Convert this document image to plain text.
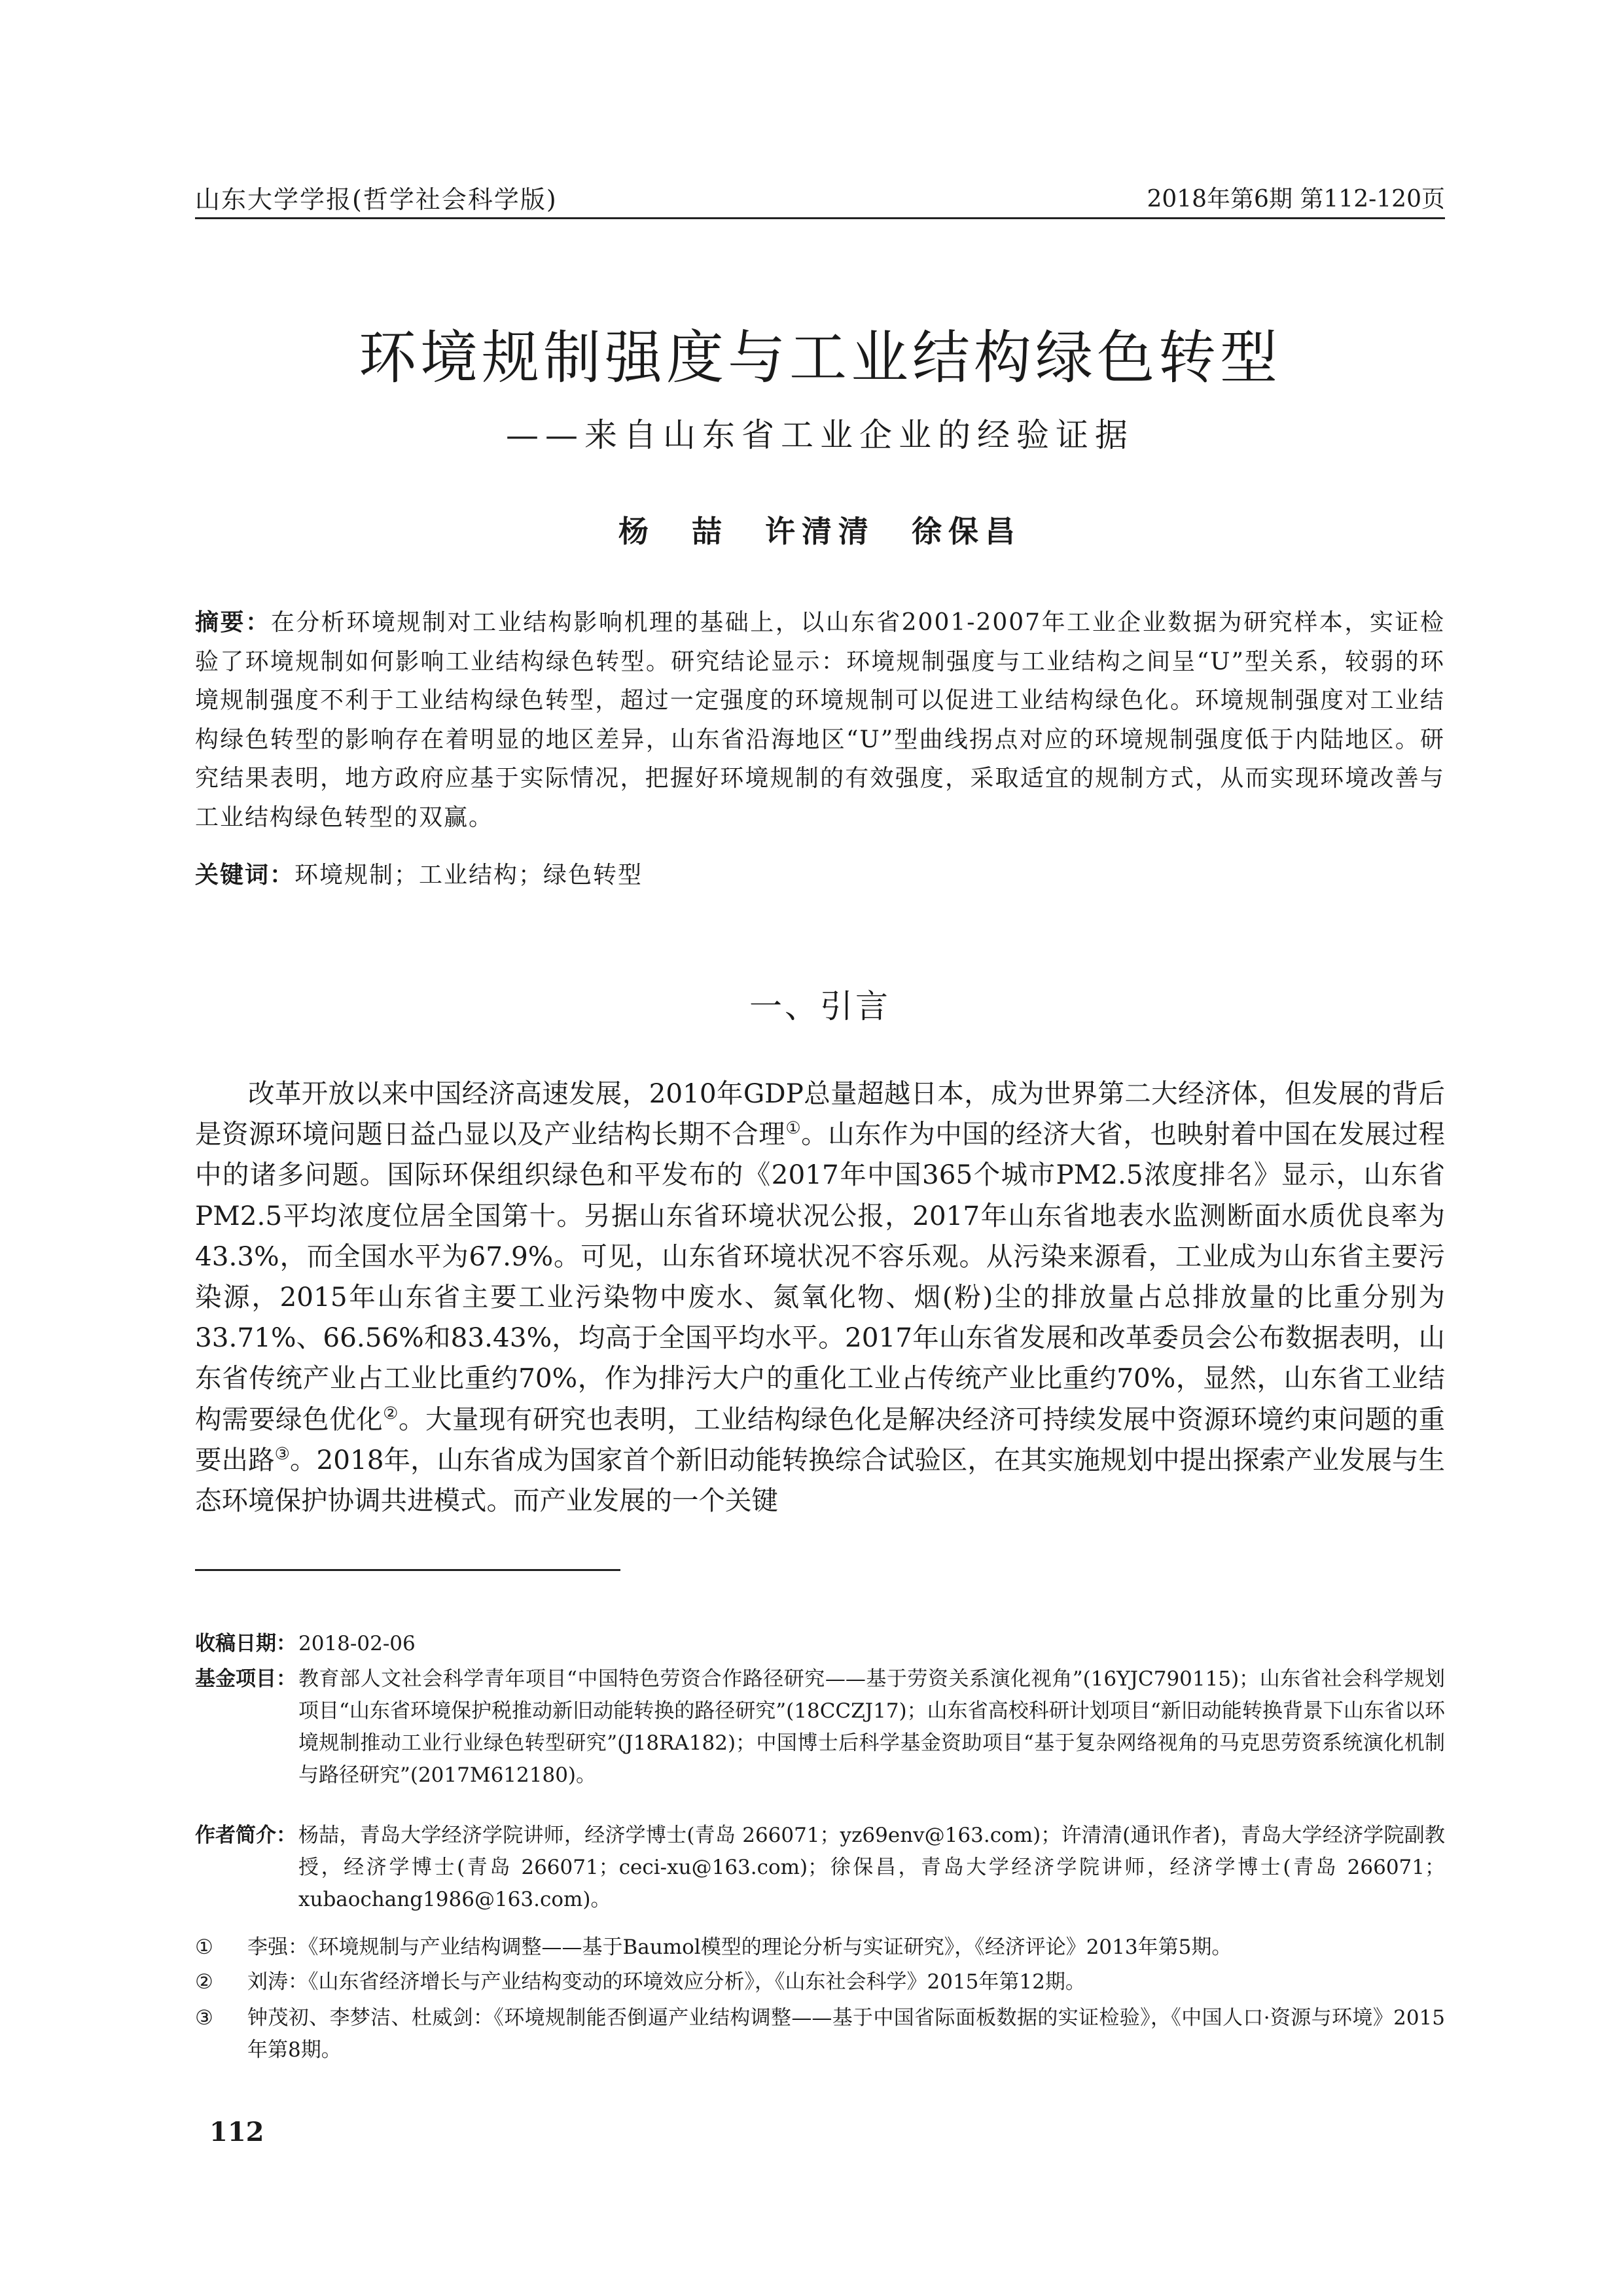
山东大学学报(哲学社会科学版)	2018年第6期 第112-120页
环境规制强度与工业结构绿色转型
——来自山东省工业企业的经验证据
杨　喆　许清清　徐保昌
摘要：在分析环境规制对工业结构影响机理的基础上，以山东省2001-2007年工业企业数据为研究样本，实证检验了环境规制如何影响工业结构绿色转型。研究结论显示：环境规制强度与工业结构之间呈“U”型关系，较弱的环境规制强度不利于工业结构绿色转型，超过一定强度的环境规制可以促进工业结构绿色化。环境规制强度对工业结构绿色转型的影响存在着明显的地区差异，山东省沿海地区“U”型曲线拐点对应的环境规制强度低于内陆地区。研究结果表明，地方政府应基于实际情况，把握好环境规制的有效强度，采取适宜的规制方式，从而实现环境改善与工业结构绿色转型的双赢。
关键词：环境规制；工业结构；绿色转型
一、引言

改革开放以来中国经济高速发展，2010年GDP总量超越日本，成为世界第二大经济体，但发展的背后是资源环境问题日益凸显以及产业结构长期不合理①。山东作为中国的经济大省，也映射着中国在发展过程中的诸多问题。国际环保组织绿色和平发布的《2017年中国365个城市PM2.5浓度排名》显示，山东省PM2.5平均浓度位居全国第十。另据山东省环境状况公报，2017年山东省地表水监测断面水质优良率为43.3%，而全国水平为67.9%。可见，山东省环境状况不容乐观。从污染来源看，工业成为山东省主要污染源，2015年山东省主要工业污染物中废水、氮氧化物、烟(粉)尘的排放量占总排放量的比重分别为33.71%、66.56%和83.43%，均高于全国平均水平。2017年山东省发展和改革委员会公布数据表明，山东省传统产业占工业比重约70%，作为排污大户的重化工业占传统产业比重约70%，显然，山东省工业结构需要绿色优化②。大量现有研究也表明，工业结构绿色化是解决经济可持续发展中资源环境约束问题的重要出路③。2018年，山东省成为国家首个新旧动能转换综合试验区，在其实施规划中提出探索产业发展与生态环境保护协调共进模式。而产业发展的一个关键

收稿日期： 2018-02-06
基金项目： 教育部人文社会科学青年项目“中国特色劳资合作路径研究——基于劳资关系演化视角”(16YJC790115)；山东省社会科学规划项目“山东省环境保护税推动新旧动能转换的路径研究”(18CCZJ17)；山东省高校科研计划项目“新旧动能转换背景下山东省以环境规制推动工业行业绿色转型研究”(J18RA182)；中国博士后科学基金资助项目“基于复杂网络视角的马克思劳资系统演化机制与路径研究”(2017M612180)。
作者简介： 杨喆，青岛大学经济学院讲师，经济学博士(青岛 266071；yz69env@163.com)；许清清(通讯作者)，青岛大学经济学院副教授，经济学博士(青岛 266071；ceci-xu@163.com)；徐保昌，青岛大学经济学院讲师，经济学博士(青岛 266071；xubaochang1986@163.com)。
① 李强：《环境规制与产业结构调整——基于Baumol模型的理论分析与实证研究》，《经济评论》2013年第5期。
② 刘涛：《山东省经济增长与产业结构变动的环境效应分析》，《山东社会科学》2015年第12期。
③ 钟茂初、李梦洁、杜威剑：《环境规制能否倒逼产业结构调整——基于中国省际面板数据的实证检验》，《中国人口·资源与环境》2015年第8期。
112
